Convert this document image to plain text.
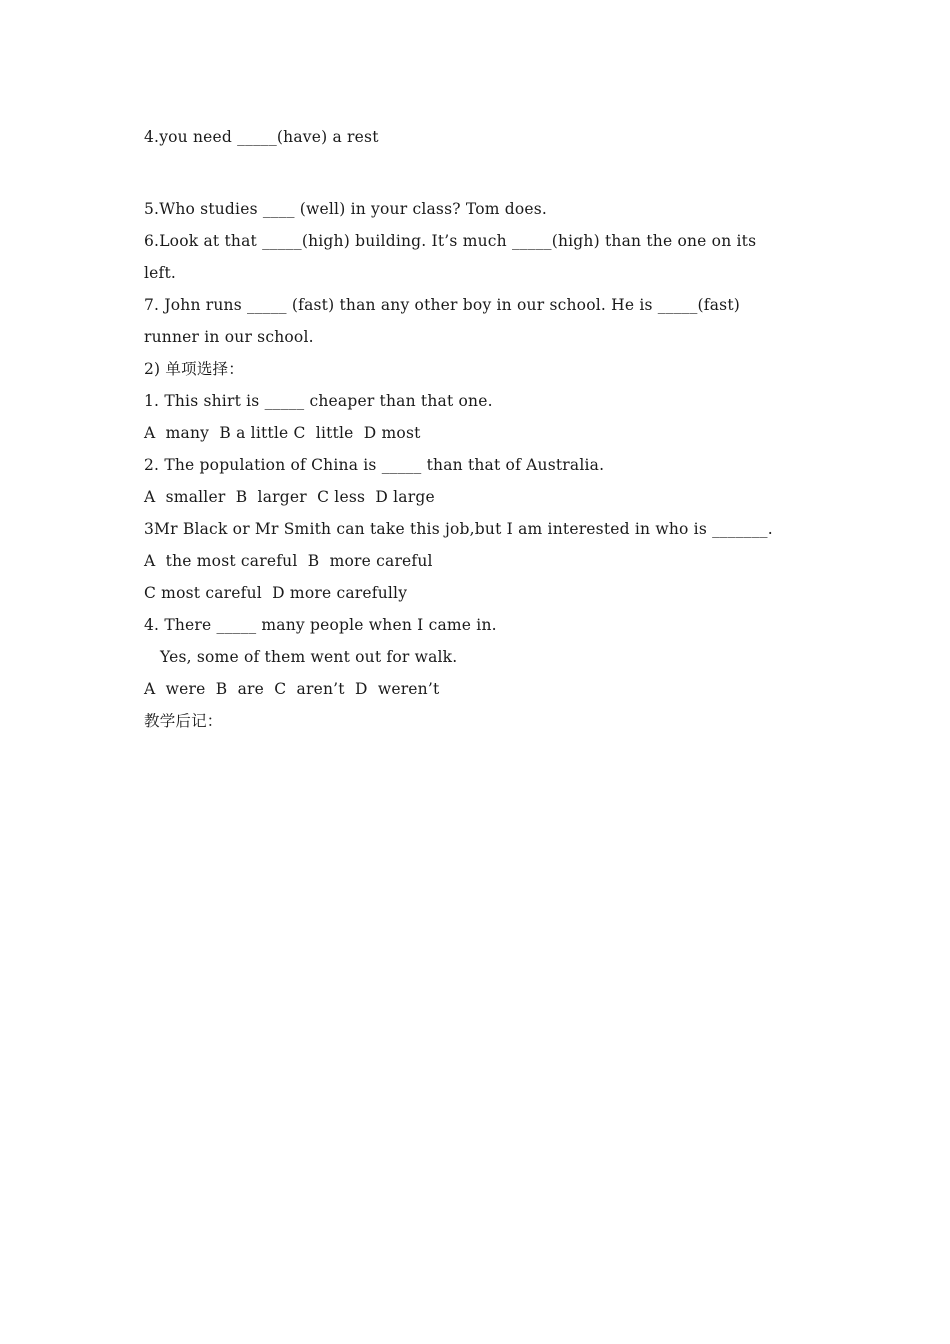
4.you need _____(have) a rest
5.Who studies ____ (well) in your class? Tom does.
6.Look at that _____(high) building. It’s much _____(high) than the one on its
left.
7. John runs _____ (fast) than any other boy in our school. He is _____(fast)
runner in our school.
2) 单项选择：
1. This shirt is _____ cheaper than that one.
A  many  B a little C  little  D most
2. The population of China is _____ than that of Australia.
A  smaller  B  larger  C less  D large
3Mr Black or Mr Smith can take this job,but I am interested in who is _______.
A  the most careful  B  more careful
C most careful  D more carefully
4. There _____ many people when I came in.
Yes, some of them went out for walk.
A  were  B  are  C  aren’t  D  weren’t
教学后记：
